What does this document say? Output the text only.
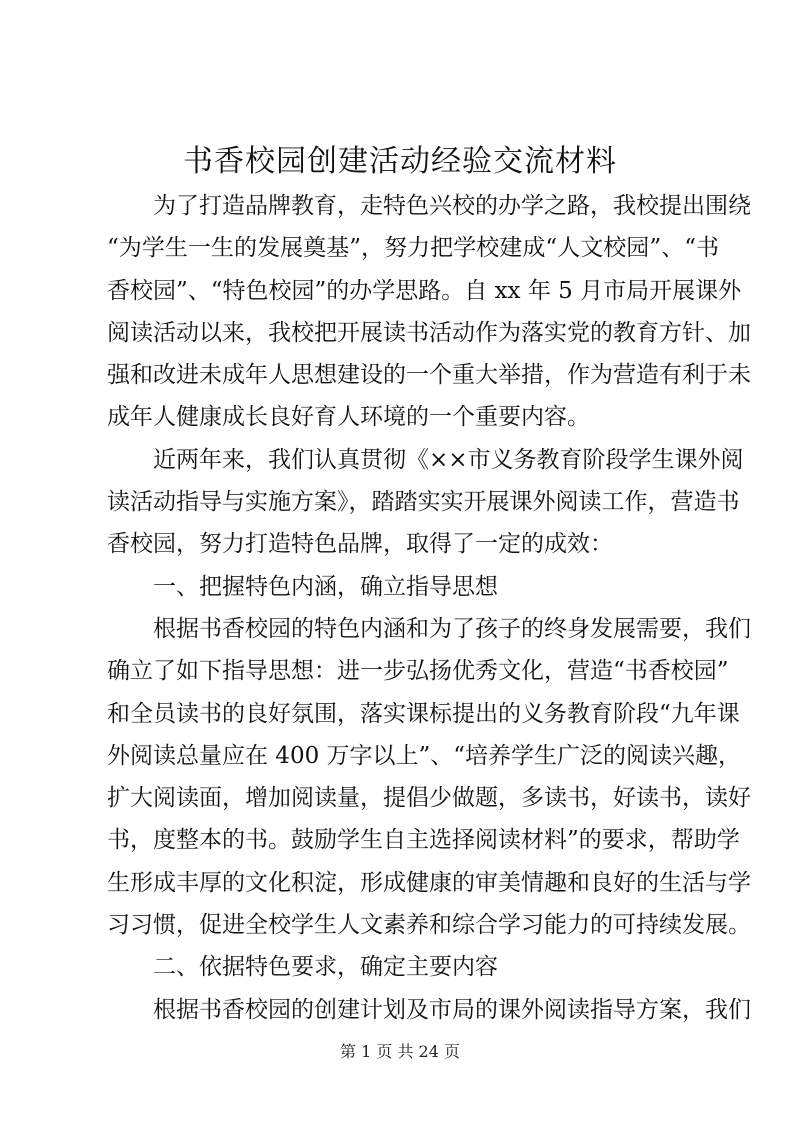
书香校园创建活动经验交流材料
为了打造品牌教育，走特色兴校的办学之路，我校提出围绕
“为学生一生的发展奠基”，努力把学校建成“人文校园”、“书
香校园”、“特色校园”的办学思路。自 xx 年 5 月市局开展课外
阅读活动以来，我校把开展读书活动作为落实党的教育方针、加
强和改进未成年人思想建设的一个重大举措，作为营造有利于未
成年人健康成长良好育人环境的一个重要内容。
近两年来，我们认真贯彻《××市义务教育阶段学生课外阅
读活动指导与实施方案》，踏踏实实开展课外阅读工作，营造书
香校园，努力打造特色品牌，取得了一定的成效：
一、把握特色内涵，确立指导思想
根据书香校园的特色内涵和为了孩子的终身发展需要，我们
确立了如下指导思想：进一步弘扬优秀文化，营造“书香校园”
和全员读书的良好氛围，落实课标提出的义务教育阶段“九年课
外阅读总量应在 400 万字以上”、“培养学生广泛的阅读兴趣，
扩大阅读面，增加阅读量，提倡少做题，多读书，好读书，读好
书，度整本的书。鼓励学生自主选择阅读材料”的要求，帮助学
生形成丰厚的文化积淀，形成健康的审美情趣和良好的生活与学
习习惯，促进全校学生人文素养和综合学习能力的可持续发展。
二、依据特色要求，确定主要内容
根据书香校园的创建计划及市局的课外阅读指导方案，我们
第 1 页 共 24 页
